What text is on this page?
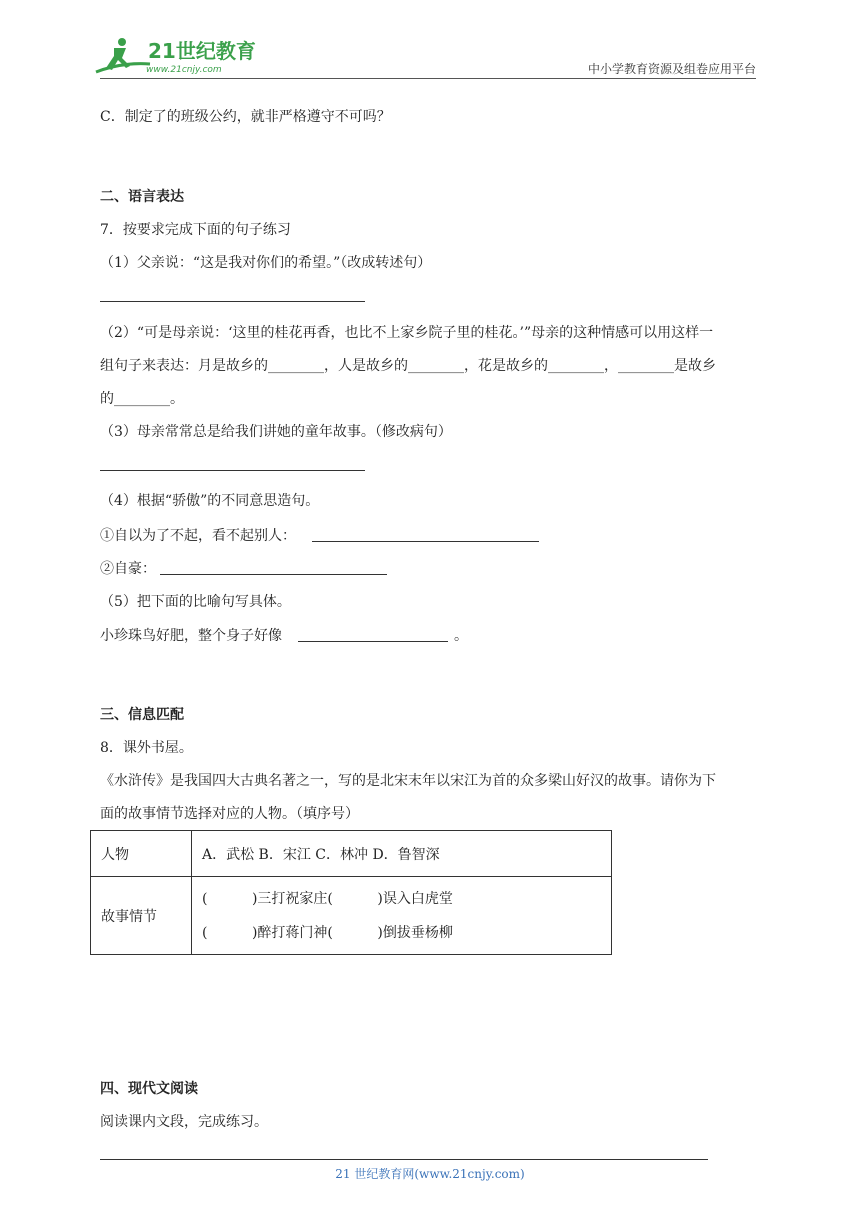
21世纪教育
www.21cnjy.com	中小学教育资源及组卷应用平台
C．制定了的班级公约，就非严格遵守不可吗？
二、语言表达
7．按要求完成下面的句子练习
（1）父亲说：“这是我对你们的希望。”（改成转述句）
（2）“可是母亲说：‘这里的桂花再香，也比不上家乡院子里的桂花。’”母亲的这种情感可以用这样一
组句子来表达：月是故乡的________，人是故乡的________，花是故乡的________，________是故乡
的________。
（3）母亲常常总是给我们讲她的童年故事。（修改病句）
（4）根据“骄傲”的不同意思造句。
①自以为了不起，看不起别人：
②自豪：
（5）把下面的比喻句写具体。
小珍珠鸟好肥，整个身子好像	。
三、信息匹配
8．课外书屋。
《水浒传》是我国四大古典名著之一，写的是北宋末年以宋江为首的众多梁山好汉的故事。请你为下
面的故事情节选择对应的人物。（填序号）
人物	A．武松 B．宋江 C．林冲 D．鲁智深
故事情节	(          )三打祝家庄(          )误入白虎堂
(          )醉打蒋门神(          )倒拔垂杨柳
四、现代文阅读
阅读课内文段，完成练习。
21 世纪教育网(www.21cnjy.com)
